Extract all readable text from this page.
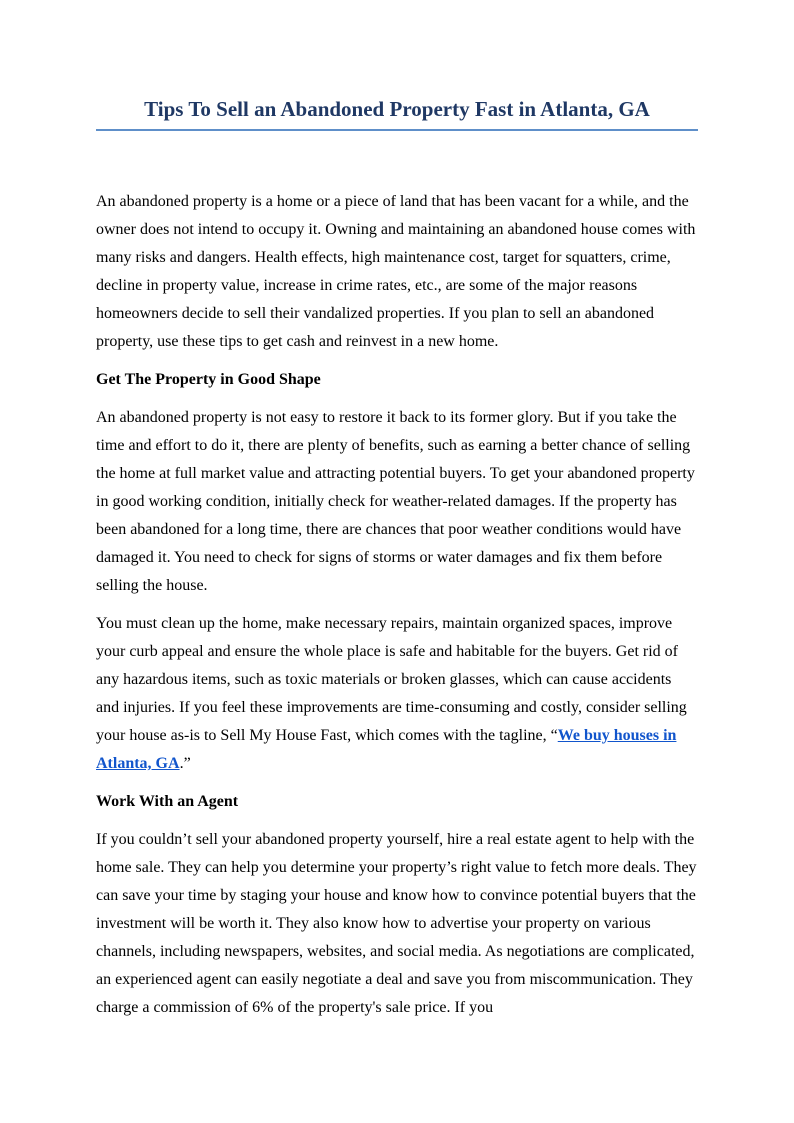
Tips To Sell an Abandoned Property Fast in Atlanta, GA

An abandoned property is a home or a piece of land that has been vacant for a while, and the owner does not intend to occupy it. Owning and maintaining an abandoned house comes with many risks and dangers. Health effects, high maintenance cost, target for squatters, crime, decline in property value, increase in crime rates, etc., are some of the major reasons homeowners decide to sell their vandalized properties. If you plan to sell an abandoned property, use these tips to get cash and reinvest in a new home.

Get The Property in Good Shape

An abandoned property is not easy to restore it back to its former glory. But if you take the time and effort to do it, there are plenty of benefits, such as earning a better chance of selling the home at full market value and attracting potential buyers. To get your abandoned property in good working condition, initially check for weather-related damages. If the property has been abandoned for a long time, there are chances that poor weather conditions would have damaged it. You need to check for signs of storms or water damages and fix them before selling the house.

You must clean up the home, make necessary repairs, maintain organized spaces, improve your curb appeal and ensure the whole place is safe and habitable for the buyers. Get rid of any hazardous items, such as toxic materials or broken glasses, which can cause accidents and injuries. If you feel these improvements are time-consuming and costly, consider selling your house as-is to Sell My House Fast, which comes with the tagline, “We buy houses in Atlanta, GA.”

Work With an Agent

If you couldn’t sell your abandoned property yourself, hire a real estate agent to help with the home sale. They can help you determine your property’s right value to fetch more deals. They can save your time by staging your house and know how to convince potential buyers that the investment will be worth it. They also know how to advertise your property on various channels, including newspapers, websites, and social media. As negotiations are complicated, an experienced agent can easily negotiate a deal and save you from miscommunication. They charge a commission of 6% of the property's sale price. If you
